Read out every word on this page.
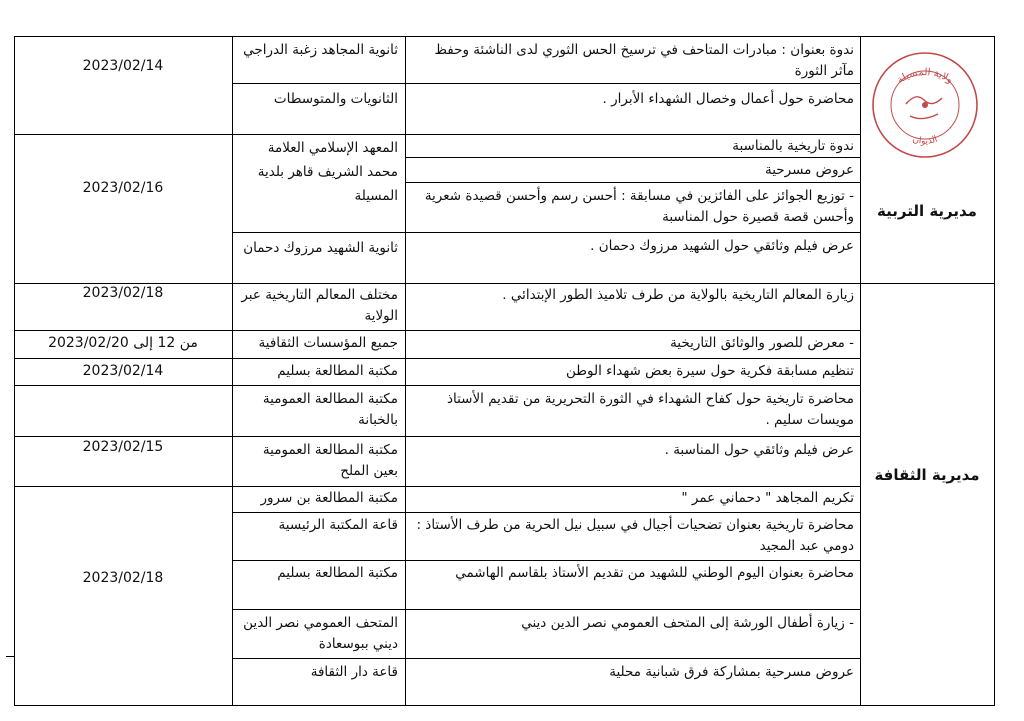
ولاية المسيلة
الديوان
مديرية التربية
مديرية الثقافة
ندوة بعنوان : مبادرات المتاحف في ترسيخ الحس الثوري لدى الناشئة وحفظ مآثر الثورة
محاضرة حول أعمال وخصال الشهداء الأبرار .
ندوة تاريخية بالمناسبة
عروض مسرحية
- توزيع الجوائز على الفائزين في مسابقة : أحسن رسم وأحسن قصيدة شعرية وأحسن قصة قصيرة حول المناسبة
عرض فيلم وثائقي حول الشهيد مرزوك دحمان .
زيارة المعالم التاريخية بالولاية من طرف تلاميذ الطور الإبتدائي .
- معرض للصور والوثائق التاريخية
تنظيم مسابقة فكرية حول سيرة بعض شهداء الوطن
محاضرة تاريخية حول كفاح الشهداء في الثورة التحريرية من تقديم الأستاذ مويسات سليم .
عرض فيلم وثائقي حول المناسبة .
تكريم المجاهد " دحماني عمر "
محاضرة تاريخية بعنوان تضحيات أجيال في سبيل نيل الحرية من طرف الأستاذ : دومي عبد المجيد
محاضرة بعنوان اليوم الوطني للشهيد من تقديم الأستاذ بلقاسم الهاشمي
- زيارة أطفال الورشة إلى المتحف العمومي نصر الدين ديني
عروض مسرحية بمشاركة فرق شبانية محلية
ثانوية المجاهد زغبة الدراجي
الثانويات والمتوسطات
المعهد الإسلامي العلامة محمد الشريف قاهر بلدية المسيلة
ثانوية الشهيد مرزوك دحمان
مختلف المعالم التاريخية عبر الولاية
جميع المؤسسات الثقافية
مكتبة المطالعة بسليم
مكتبة المطالعة العمومية بالخبانة
مكتبة المطالعة العمومية بعين الملح
مكتبة المطالعة بن سرور
قاعة المكتبة الرئيسية
مكتبة المطالعة بسليم
المتحف العمومي نصر الدين ديني ببوسعادة
قاعة دار الثقافة
2023/02/14
2023/02/16
2023/02/18
من 12 إلى 2023/02/20
2023/02/14
2023/02/15
2023/02/18
